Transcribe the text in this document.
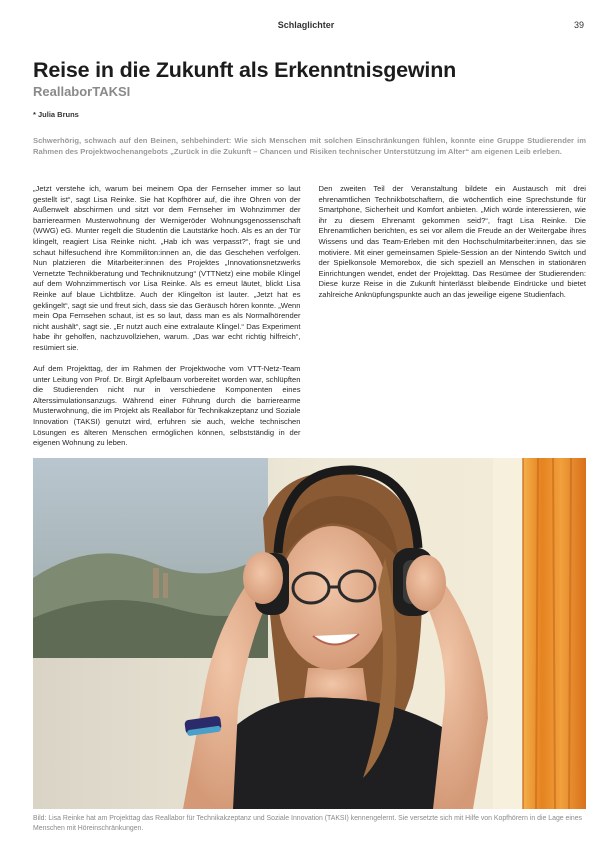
Schlaglichter	39
Reise in die Zukunft als Erkenntnisgewinn
ReallaborTAKSI
* Julia Bruns

Schwerhörig, schwach auf den Beinen, sehbehindert: Wie sich Menschen mit solchen Einschränkungen fühlen, konnte eine Gruppe Studierender im Rahmen des Projektwochenangebots „Zurück in die Zukunft – Chancen und Risiken technischer Unterstützung im Alter“ am eigenen Leib erleben.

„Jetzt verstehe ich, warum bei meinem Opa der Fernseher immer so laut gestellt ist“, sagt Lisa Reinke. Sie hat Kopfhörer auf, die ihre Ohren von der Außenwelt abschirmen und sitzt vor dem Fernseher im Wohnzimmer der barrierearmen Musterwohnung der Wernigeröder Wohnungsgenossenschaft (WWG) eG. Munter regelt die Studentin die Lautstärke hoch. Als es an der Tür klingelt, reagiert Lisa Reinke nicht. „Hab ich was verpasst?“, fragt sie und schaut hilfesuchend ihre Kommiliton:innen an, die das Geschehen verfolgen. Nun platzieren die Mitarbeiter:innen des Projektes „Innovationsnetzwerks Vernetzte Technikberatung und Techniknutzung“ (VTTNetz) eine mobile Klingel auf dem Wohnzimmertisch vor Lisa Reinke. Als es erneut läutet, blickt Lisa Reinke auf blaue Lichtblitze. Auch der Klingelton ist lauter. „Jetzt hat es geklingelt“, sagt sie und freut sich, dass sie das Geräusch hören konnte. „Wenn mein Opa Fernsehen schaut, ist es so laut, dass man es als Normalhörender nicht aushält“, sagt sie. „Er nutzt auch eine extralaute Klingel.“ Das Experiment habe ihr geholfen, nachzuvollziehen, warum. „Das war echt richtig hilfreich“, resümiert sie.

Auf dem Projekttag, der im Rahmen der Projektwoche vom VTT-Netz-Team unter Leitung von Prof. Dr. Birgit Apfelbaum vorbereitet worden war, schlüpften die Studierenden nicht nur in verschiedene Komponenten eines Alterssimulationsanzugs. Während einer Führung durch die barrierearme Musterwohnung, die im Projekt als Reallabor für Technikakzeptanz und Soziale Innovation (TAKSI) genutzt wird, erfuhren sie auch, welche technischen Lösungen es älteren Menschen ermöglichen können, selbstständig in der eigenen Wohnung zu leben.

Den zweiten Teil der Veranstaltung bildete ein Austausch mit drei ehrenamtlichen Technikbotschaftern, die wöchentlich eine Sprechstunde für Smartphone, Sicherheit und Komfort anbieten. „Mich würde interessieren, wie ihr zu diesem Ehrenamt gekommen seid?“, fragt Lisa Reinke. Die Ehrenamtlichen berichten, es sei vor allem die Freude an der Weitergabe ihres Wissens und das Team-Erleben mit den Hochschulmitarbeiter:innen, das sie motiviere. Mit einer gemeinsamen Spiele-Session an der Nintendo Switch und der Spielkonsole Memorebox, die sich speziell an Menschen in stationären Einrichtungen wendet, endet der Projekttag. Das Resümee der Studierenden: Diese kurze Reise in die Zukunft hinterlässt bleibende Eindrücke und bietet zahlreiche Anknüpfungspunkte auch an das jeweilige eigene Studienfach.

Bild: Lisa Reinke hat am Projekttag das Reallabor für Technikakzeptanz und Soziale Innovation (TAKSI) kennengelernt. Sie versetzte sich mit Hilfe von Kopfhörern in die Lage eines Menschen mit Höreinschränkungen.
